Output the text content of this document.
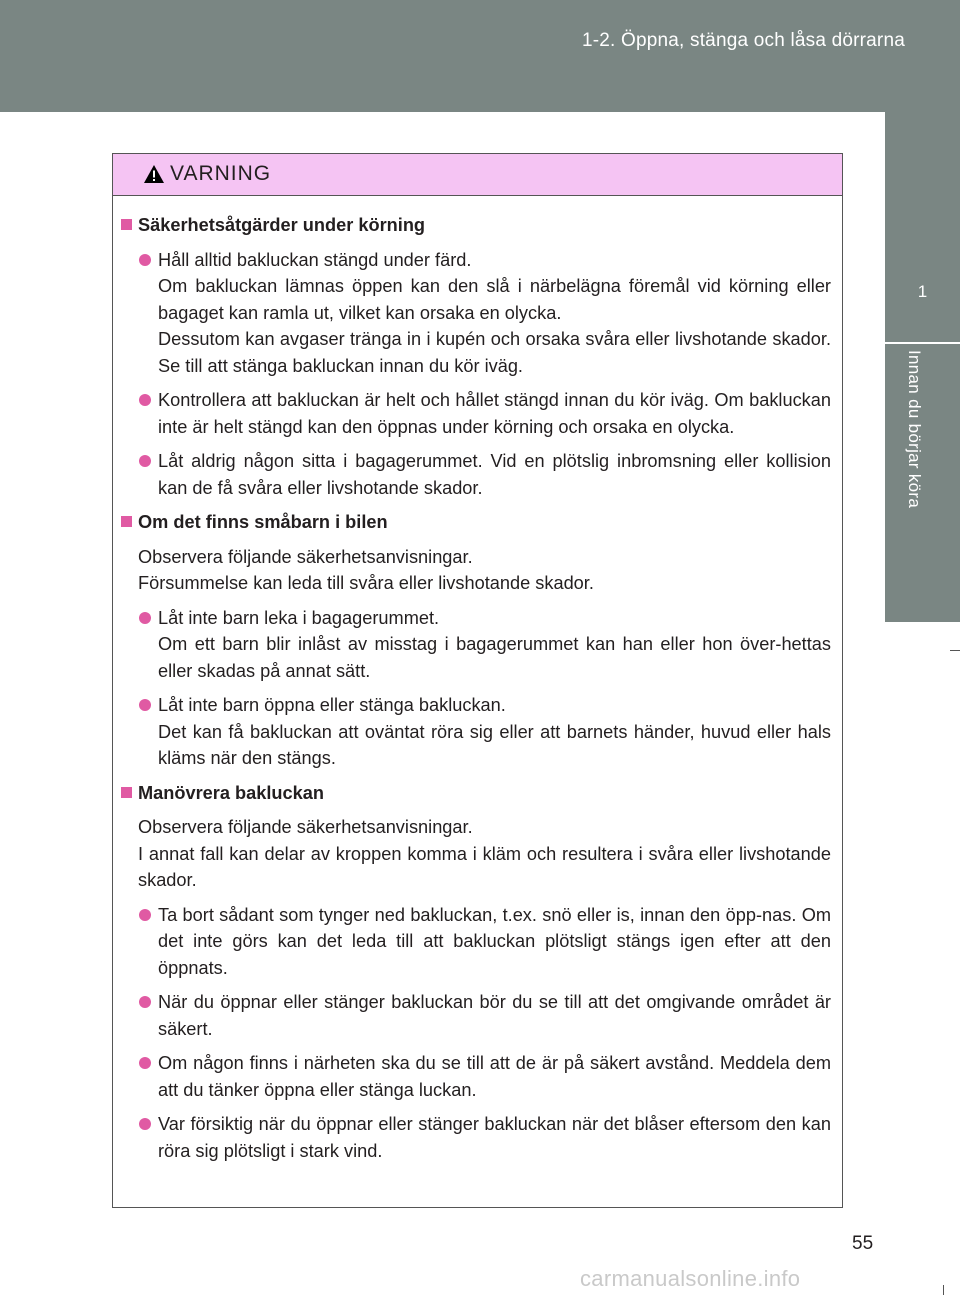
1-2. Öppna, stänga och låsa dörrarna
1
Innan du börjar köra
VARNING
Säkerhetsåtgärder under körning

Håll alltid bakluckan stängd under färd.

Om bakluckan lämnas öppen kan den slå i närbelägna föremål vid körning eller bagaget kan ramla ut, vilket kan orsaka en olycka.

Dessutom kan avgaser tränga in i kupén och orsaka svåra eller livshotande skador. Se till att stänga bakluckan innan du kör iväg.

Kontrollera att bakluckan är helt och hållet stängd innan du kör iväg. Om bakluckan inte är helt stängd kan den öppnas under körning och orsaka en olycka.

Låt aldrig någon sitta i bagagerummet. Vid en plötslig inbromsning eller kollision kan de få svåra eller livshotande skador.

Om det finns småbarn i bilen

Observera följande säkerhetsanvisningar.

Försummelse kan leda till svåra eller livshotande skador.

Låt inte barn leka i bagagerummet.

Om ett barn blir inlåst av misstag i bagagerummet kan han eller hon över-hettas eller skadas på annat sätt.

Låt inte barn öppna eller stänga bakluckan.

Det kan få bakluckan att oväntat röra sig eller att barnets händer, huvud eller hals kläms när den stängs.

Manövrera bakluckan

Observera följande säkerhetsanvisningar.

I annat fall kan delar av kroppen komma i kläm och resultera i svåra eller livshotande skador.

Ta bort sådant som tynger ned bakluckan, t.ex. snö eller is, innan den öpp-nas. Om det inte görs kan det leda till att bakluckan plötsligt stängs igen efter att den öppnats.

När du öppnar eller stänger bakluckan bör du se till att det omgivande området är säkert.

Om någon finns i närheten ska du se till att de är på säkert avstånd. Meddela dem att du tänker öppna eller stänga luckan.

Var försiktig när du öppnar eller stänger bakluckan när det blåser eftersom den kan röra sig plötsligt i stark vind.

55
carmanualsonline.info
